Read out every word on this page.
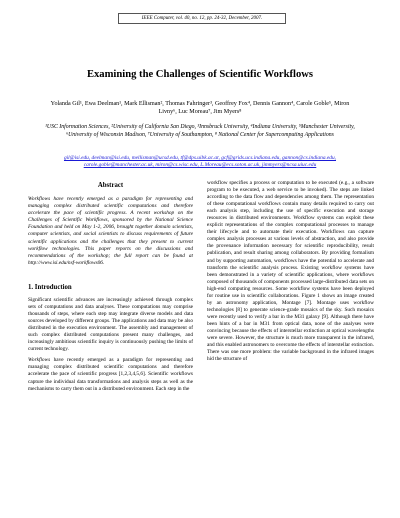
IEEE Computer, vol. 40, no. 12, pp. 24-32, December, 2007.
Examining the Challenges of Scientific Workflows
Yolanda Gil¹, Ewa Deelman¹, Mark Ellisman², Thomas Fahringer³, Geoffrey Fox⁴, Dennis Gannon⁴, Carole Goble⁵, Miron Livny⁶, Luc Moreau⁷, Jim Myers⁸
¹USC Information Sciences, ²University of California San Diego, ³Innsbruck University, ⁴Indiana University, ⁵Manchester University, ⁶University of Wisconsin Madison, ⁷University of Southampton, ⁸ National Center for Supercomputing Applications
gil@isi.edu, deelman@isi.edu, mellisman@ucsd.edu, tf@dps.uibk.ac.at, gcf@grids.ucs.indiana.edu, gannon@cs.indiana.edu, carole.goble@manchester.ac.uk, miron@cs.wisc.edu, L.Moreau@ecs.soton.ac.uk, jimmyers@ncsa.uiuc.edu
Abstract

Workflows have recently emerged as a paradigm for representing and managing complex distributed scientific computations and therefore accelerate the pace of scientific progress. A recent workshop on the Challenges of Scientific Workflows, sponsored by the National Science Foundation and held on May 1-2, 2006, brought together domain scientists, computer scientists, and social scientists to discuss requirements of future scientific applications and the challenges that they present to current workflow technologies. This paper reports on the discussions and recommendations of the workshop; the full report can be found at http://www.isi.edu/nsf-workflows06.

1. Introduction

Significant scientific advances are increasingly achieved through complex sets of computations and data analyses. These computations may comprise thousands of steps, where each step may integrate diverse models and data sources developed by different groups. The applications and data may be also distributed in the execution environment. The assembly and management of such complex distributed computations present many challenges, and increasingly ambitious scientific inquiry is continuously pushing the limits of current technology.

Workflows have recently emerged as a paradigm for representing and managing complex distributed scientific computations and therefore accelerate the pace of scientific progress [1,2,3,4,5,6]. Scientific workflows capture the individual data transformations and analysis steps as well as the mechanisms to carry them out in a distributed environment. Each step in the

workflow specifies a process or computation to be executed (e.g., a software program to be executed, a web service to be invoked). The steps are linked according to the data flow and dependencies among them. The representation of these computational workflows contain many details required to carry out each analysis step, including the use of specific execution and storage resources in distributed environments. Workflow systems can exploit these explicit representations of the complex computational processes to manage their lifecycle and to automate their execution. Workflows can capture complex analysis processes at various levels of abstraction, and also provide the provenance information necessary for scientific reproducibility, result publication, and result sharing among collaborators. By providing formalism and by supporting automation, workflows have the potential to accelerate and transform the scientific analysis process. Existing workflow systems have been demonstrated in a variety of scientific applications, where workflows composed of thousands of components processed large-distributed data sets on high-end computing resources. Some workflow systems have been deployed for routine use in scientific collaborations. Figure 1 shows an image created by an astronomy application, Montage [7]. Montage uses workflow technologies [8] to generate science-grade mosaics of the sky. Such mosaics were recently used to verify a bar in the M31 galaxy [9]. Although there have been hints of a bar in M31 from optical data, none of the analyses were convincing because the effects of interstellar extinction at optical wavelengths were severe. However, the structure is much more transparent in the infrared, and this enabled astronomers to overcome the effects of interstellar extinction. There was one more problem: the variable background in the infrared images hid the structure of
